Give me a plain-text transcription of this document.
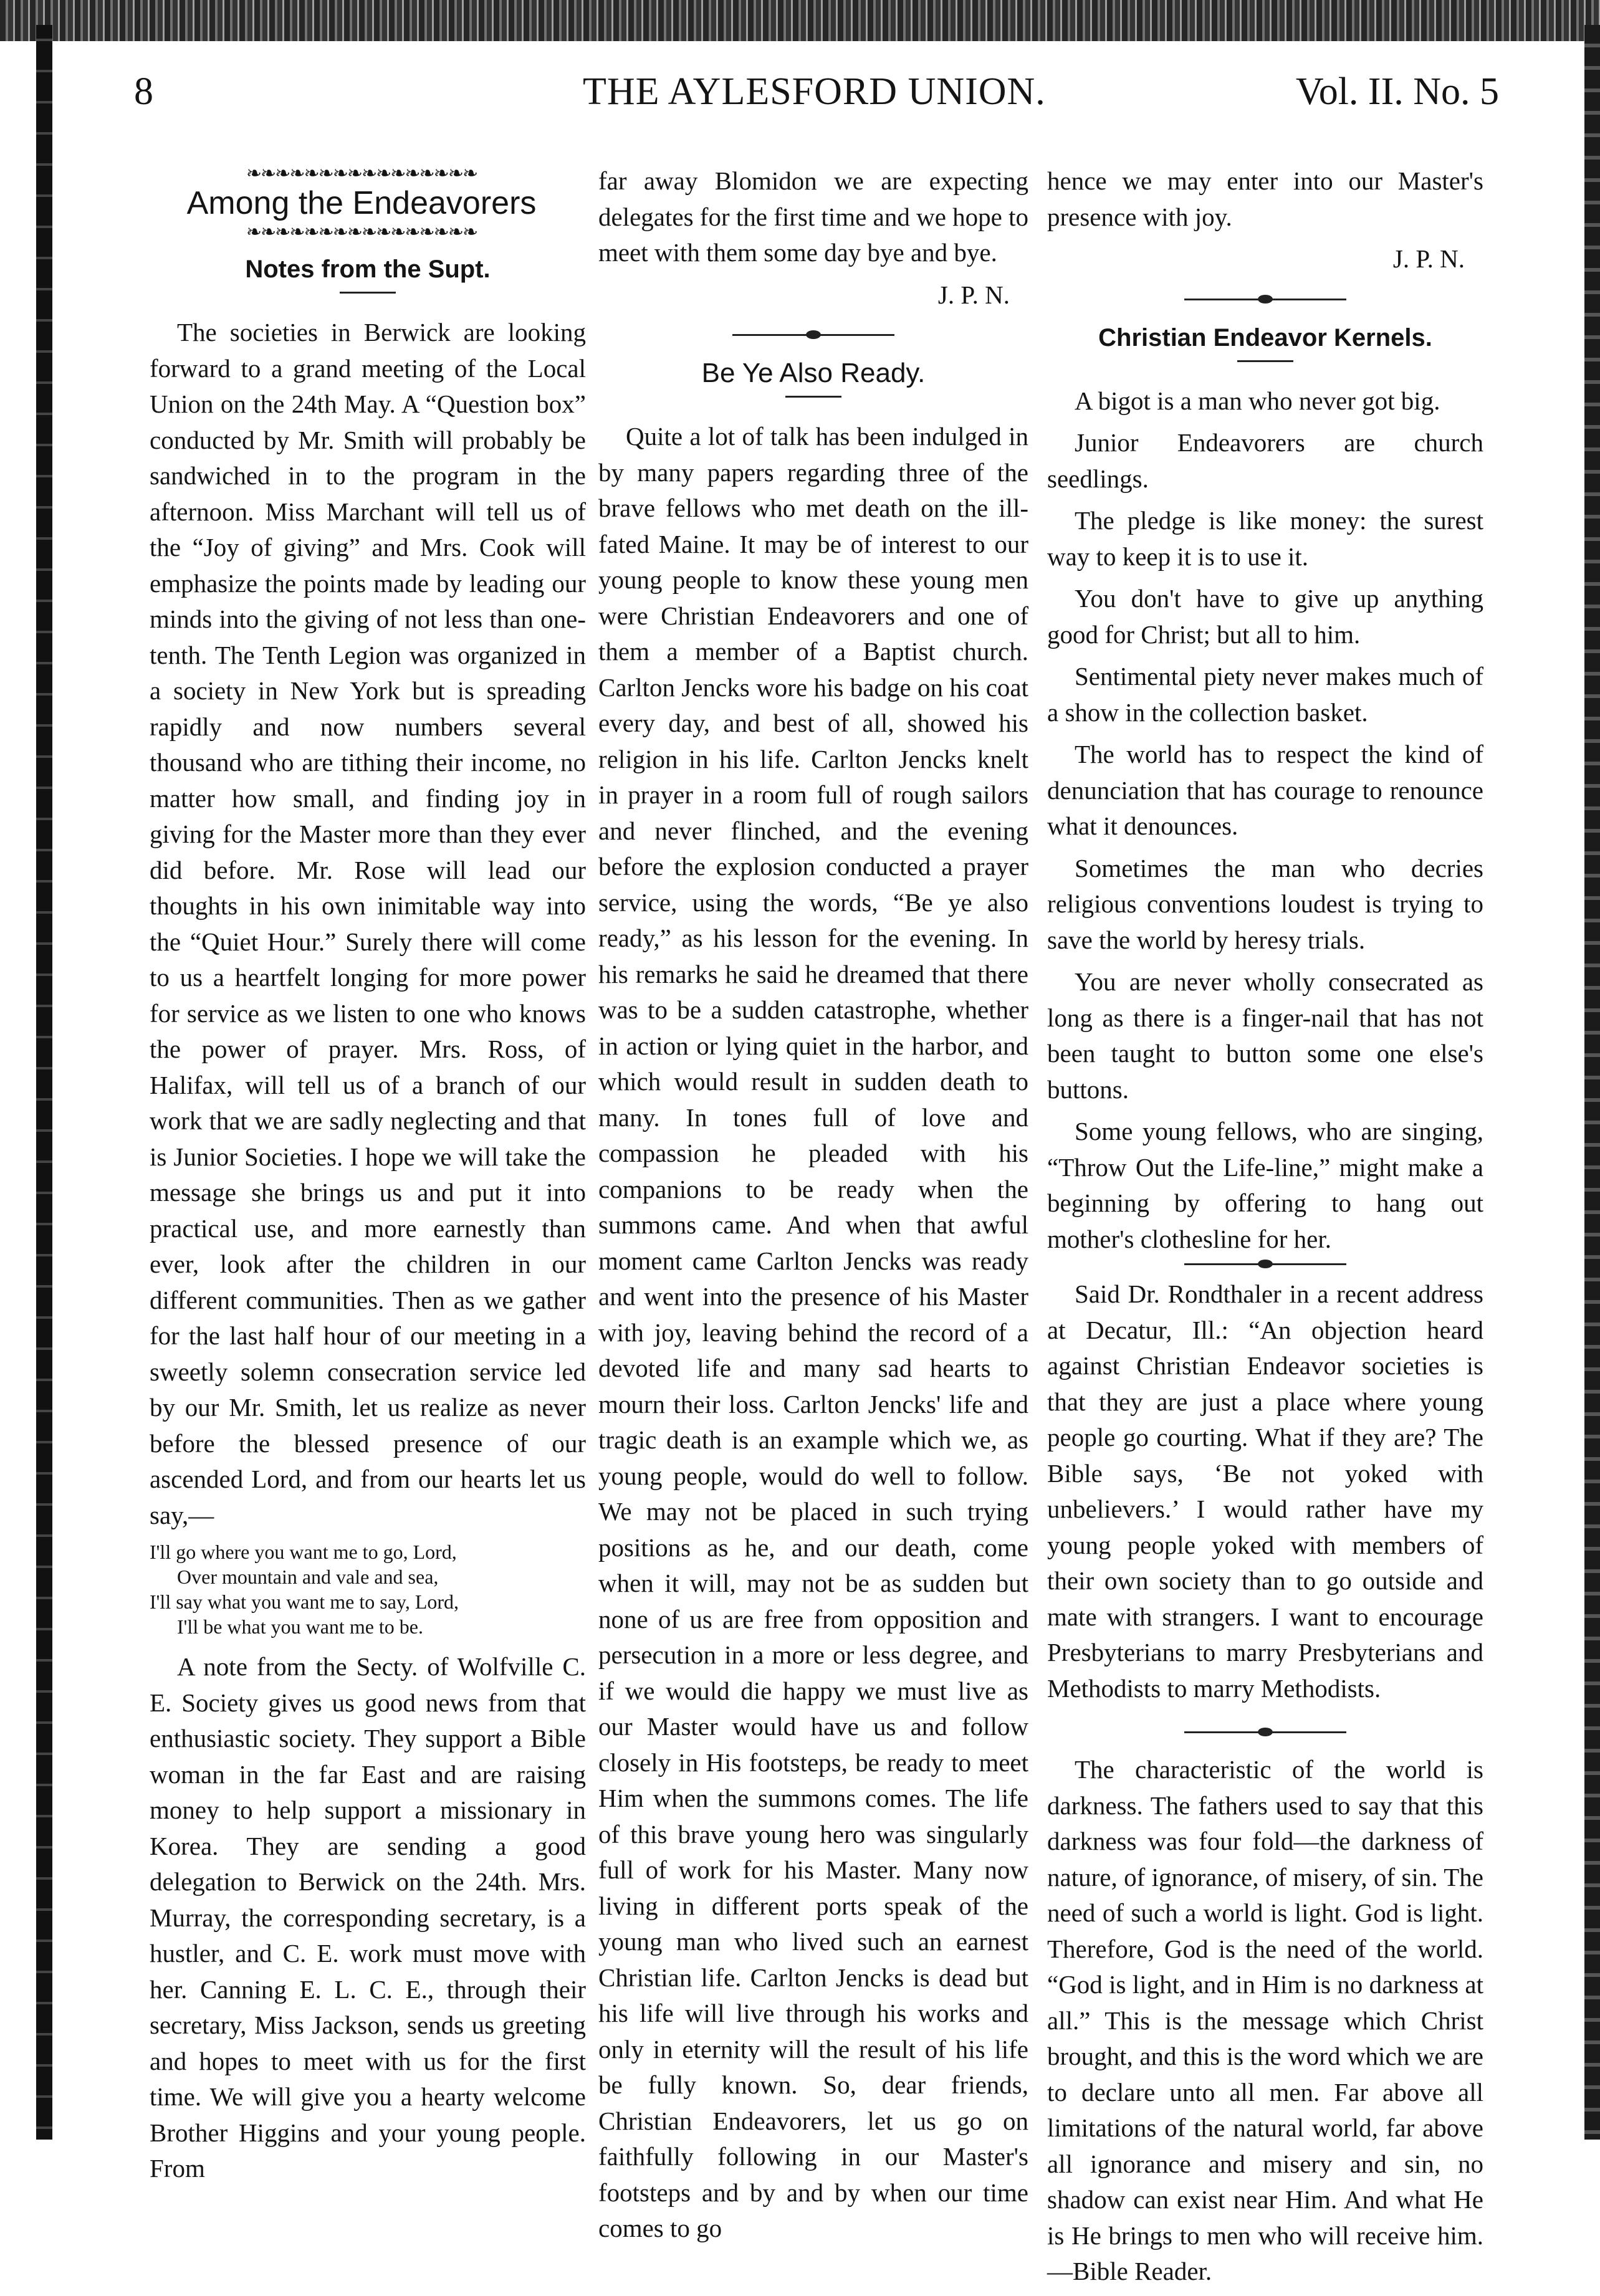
8	THE AYLESFORD UNION.	Vol. II. No. 5
❧❧❧❧❧❧❧❧❧❧❧❧❧❧❧❧
Among the Endeavorers
❧❧❧❧❧❧❧❧❧❧❧❧❧❧❧❧
Notes from the Supt.

The societies in Berwick are looking forward to a grand meeting of the Local Union on the 24th May. A “Question box” conducted by Mr. Smith will probably be sandwiched in to the program in the afternoon. Miss Marchant will tell us of the “Joy of giving” and Mrs. Cook will emphasize the points made by leading our minds into the giving of not less than one-tenth. The Tenth Legion was organized in a society in New York but is spreading rapidly and now numbers several thousand who are tithing their income, no matter how small, and finding joy in giving for the Master more than they ever did before. Mr. Rose will lead our thoughts in his own inimitable way into the “Quiet Hour.” Surely there will come to us a heartfelt longing for more power for service as we listen to one who knows the power of prayer. Mrs. Ross, of Halifax, will tell us of a branch of our work that we are sadly neglecting and that is Junior Societies. I hope we will take the message she brings us and put it into practical use, and more earnestly than ever, look after the children in our different communities. Then as we gather for the last half hour of our meeting in a sweetly solemn consecration service led by our Mr. Smith, let us realize as never before the blessed presence of our ascended Lord, and from our hearts let us say,—

I'll go where you want me to go, Lord,
Over mountain and vale and sea,
I'll say what you want me to say, Lord,
I'll be what you want me to be.

A note from the Secty. of Wolfville C. E. Society gives us good news from that enthusiastic society. They support a Bible woman in the far East and are raising money to help support a missionary in Korea. They are sending a good delegation to Berwick on the 24th. Mrs. Murray, the corresponding secretary, is a hustler, and C. E. work must move with her. Canning E. L. C. E., through their secretary, Miss Jackson, sends us greeting and hopes to meet with us for the first time. We will give you a hearty welcome Brother Higgins and your young people. From

far away Blomidon we are expecting delegates for the first time and we hope to meet with them some day bye and bye.

J. P. N.
Be Ye Also Ready.

Quite a lot of talk has been indulged in by many papers regarding three of the brave fellows who met death on the ill-fated Maine. It may be of interest to our young people to know these young men were Christian Endeavorers and one of them a member of a Baptist church. Carlton Jencks wore his badge on his coat every day, and best of all, showed his religion in his life. Carlton Jencks knelt in prayer in a room full of rough sailors and never flinched, and the evening before the explosion conducted a prayer service, using the words, “Be ye also ready,” as his lesson for the evening. In his remarks he said he dreamed that there was to be a sudden catastrophe, whether in action or lying quiet in the harbor, and which would result in sudden death to many. In tones full of love and compassion he pleaded with his companions to be ready when the summons came. And when that awful moment came Carlton Jencks was ready and went into the presence of his Master with joy, leaving behind the record of a devoted life and many sad hearts to mourn their loss. Carlton Jencks' life and tragic death is an example which we, as young people, would do well to follow. We may not be placed in such trying positions as he, and our death, come when it will, may not be as sudden but none of us are free from opposition and persecution in a more or less degree, and if we would die happy we must live as our Master would have us and follow closely in His footsteps, be ready to meet Him when the summons comes. The life of this brave young hero was singularly full of work for his Master. Many now living in different ports speak of the young man who lived such an earnest Christian life. Carlton Jencks is dead but his life will live through his works and only in eternity will the result of his life be fully known. So, dear friends, Christian Endeavorers, let us go on faithfully following in our Master's footsteps and by and by when our time comes to go

hence we may enter into our Master's presence with joy.

J. P. N.
Christian Endeavor Kernels.

A bigot is a man who never got big.

Junior Endeavorers are church seedlings.

The pledge is like money: the surest way to keep it is to use it.

You don't have to give up anything good for Christ; but all to him.

Sentimental piety never makes much of a show in the collection basket.

The world has to respect the kind of denunciation that has courage to renounce what it denounces.

Sometimes the man who decries religious conventions loudest is trying to save the world by heresy trials.

You are never wholly consecrated as long as there is a finger-nail that has not been taught to button some one else's buttons.

Some young fellows, who are singing, “Throw Out the Life-line,” might make a beginning by offering to hang out mother's clothesline for her.

Said Dr. Rondthaler in a recent address at Decatur, Ill.: “An objection heard against Christian Endeavor societies is that they are just a place where young people go courting. What if they are? The Bible says, ‘Be not yoked with unbelievers.’ I would rather have my young people yoked with members of their own society than to go outside and mate with strangers. I want to encourage Presbyterians to marry Presbyterians and Methodists to marry Methodists.

The characteristic of the world is darkness. The fathers used to say that this darkness was four fold—the darkness of nature, of ignorance, of misery, of sin. The need of such a world is light. God is light. Therefore, God is the need of the world. “God is light, and in Him is no darkness at all.” This is the message which Christ brought, and this is the word which we are to declare unto all men. Far above all limitations of the natural world, far above all ignorance and misery and sin, no shadow can exist near Him. And what He is He brings to men who will receive him.—Bible Reader.
